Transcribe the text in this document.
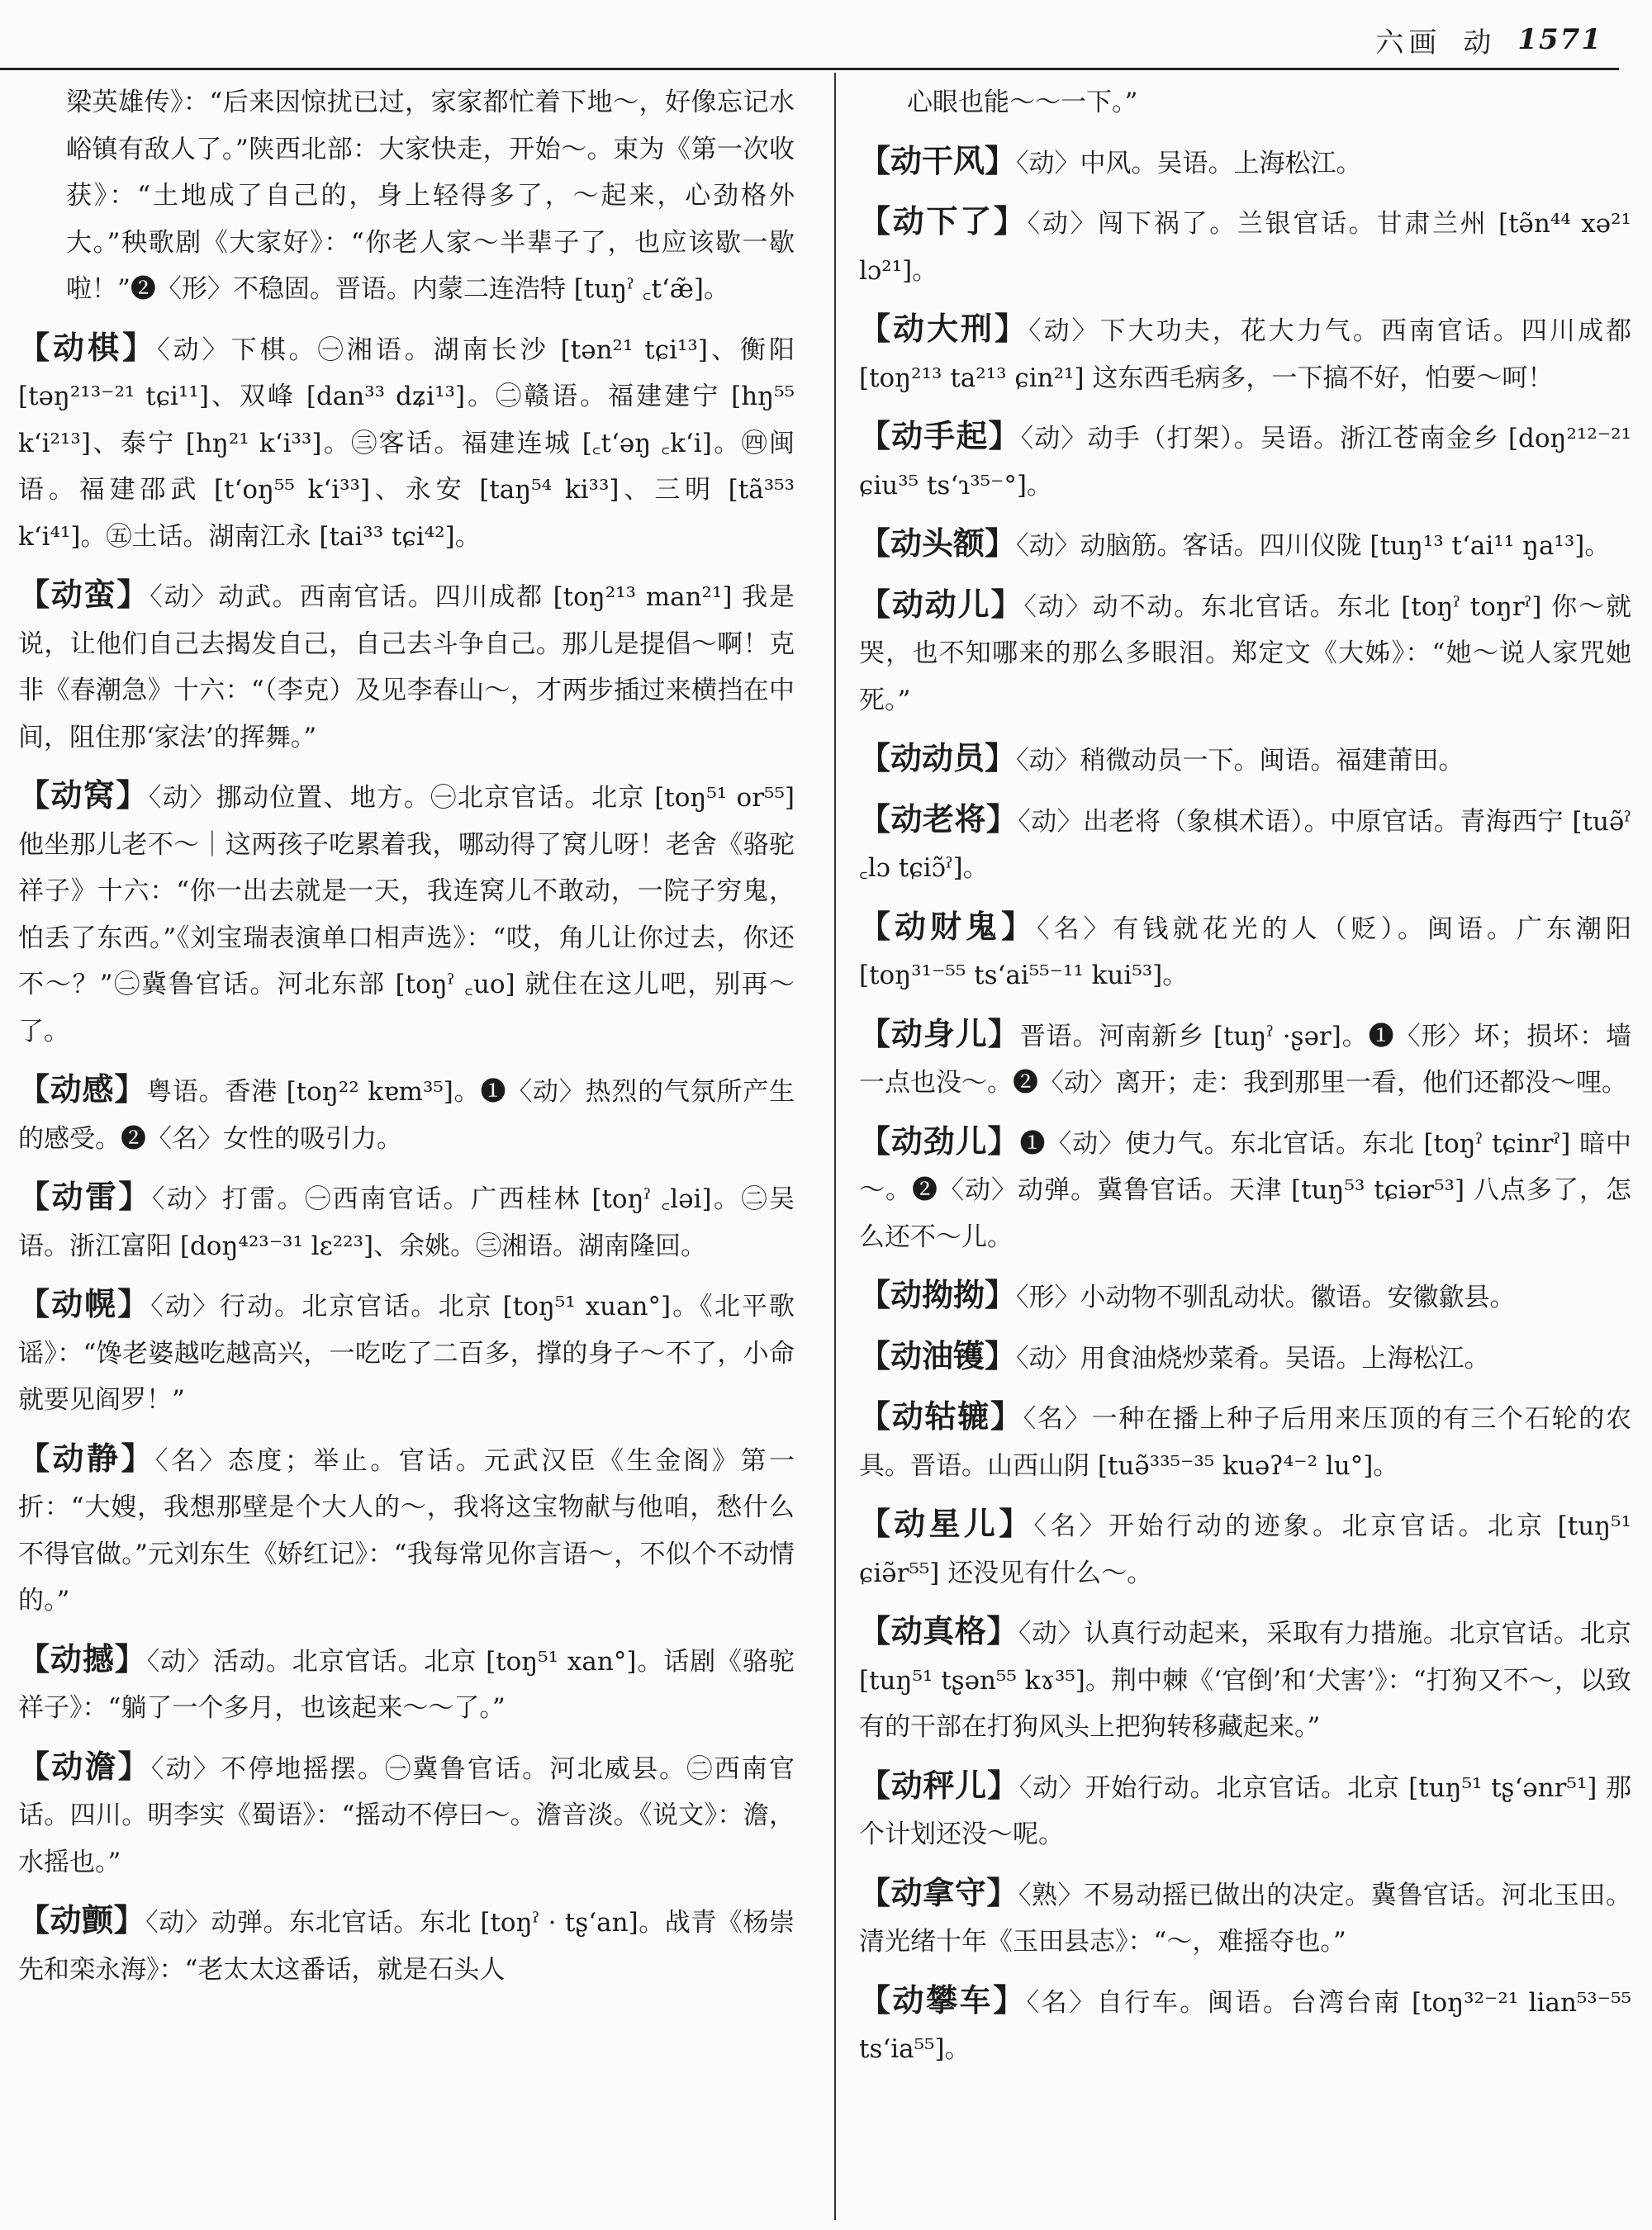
六画 动 1571

梁英雄传》：“后来因惊扰已过，家家都忙着下地～，好像忘记水峪镇有敌人了。”陕西北部：大家快走，开始～。束为《第一次收获》：“土地成了自己的，身上轻得多了，～起来，心劲格外大。”秧歌剧《大家好》：“你老人家～半辈子了，也应该歇一歇啦！”❷〈形〉不稳固。晋语。内蒙二连浩特 [tuŋˀ ꜀tʻæ̃]。

【动棋】〈动〉下棋。㊀湘语。湖南长沙 [tən²¹ tɕi¹³]、衡阳 [təŋ²¹³⁻²¹ tɕi¹¹]、双峰 [dan³³ dʑi¹³]。㊁赣语。福建建宁 [hŋ⁵⁵ kʻi²¹³]、泰宁 [hŋ²¹ kʻi³³]。㊂客话。福建连城 [꜀tʻəŋ ꜀kʻi]。㊃闽语。福建邵武 [tʻoŋ⁵⁵ kʻi³³]、永安 [taŋ⁵⁴ ki³³]、三明 [tã³⁵³ kʻi⁴¹]。㊄土话。湖南江永 [tai³³ tɕi⁴²]。

【动蛮】〈动〉动武。西南官话。四川成都 [toŋ²¹³ man²¹] 我是说，让他们自己去揭发自己，自己去斗争自己。那儿是提倡～啊！克非《春潮急》十六：“（李克）及见李春山～，才两步插过来横挡在中间，阻住那‘家法’的挥舞。”

【动窝】〈动〉挪动位置、地方。㊀北京官话。北京 [toŋ⁵¹ or⁵⁵] 他坐那儿老不～｜这两孩子吃累着我，哪动得了窝儿呀！老舍《骆驼祥子》十六：“你一出去就是一天，我连窝儿不敢动，一院子穷鬼，怕丢了东西。”《刘宝瑞表演单口相声选》：“哎，角儿让你过去，你还不～？”㊁冀鲁官话。河北东部 [toŋˀ ꜀uo] 就住在这儿吧，别再～了。

【动感】粤语。香港 [toŋ²² kɐm³⁵]。❶〈动〉热烈的气氛所产生的感受。❷〈名〉女性的吸引力。

【动雷】〈动〉打雷。㊀西南官话。广西桂林 [toŋˀ ꜀ləi]。㊁吴语。浙江富阳 [doŋ⁴²³⁻³¹ lɛ²²³]、余姚。㊂湘语。湖南隆回。

【动幌】〈动〉行动。北京官话。北京 [toŋ⁵¹ xuan°]。《北平歌谣》：“馋老婆越吃越高兴，一吃吃了二百多，撑的身子～不了，小命就要见阎罗！”

【动静】〈名〉态度；举止。官话。元武汉臣《生金阁》第一折：“大嫂，我想那壁是个大人的～，我将这宝物献与他咱，愁什么不得官做。”元刘东生《娇红记》：“我每常见你言语～，不似个不动情的。”

【动撼】〈动〉活动。北京官话。北京 [toŋ⁵¹ xan°]。话剧《骆驼祥子》：“躺了一个多月，也该起来～～了。”

【动澹】〈动〉不停地摇摆。㊀冀鲁官话。河北威县。㊁西南官话。四川。明李实《蜀语》：“摇动不停曰～。澹音淡。《说文》：澹，水摇也。”

【动颤】〈动〉动弹。东北官话。东北 [toŋˀ · tʂʻan]。战青《杨崇先和栾永海》：“老太太这番话，就是石头人

心眼也能～～一下。”

【动干风】〈动〉中风。吴语。上海松江。

【动下了】〈动〉闯下祸了。兰银官话。甘肃兰州 [tə̃n⁴⁴ xə²¹ lɔ²¹]。

【动大刑】〈动〉下大功夫，花大力气。西南官话。四川成都 [toŋ²¹³ ta²¹³ ɕin²¹] 这东西毛病多，一下搞不好，怕要～呵！

【动手起】〈动〉动手（打架）。吴语。浙江苍南金乡 [doŋ²¹²⁻²¹ ɕiu³⁵ tsʻɿ³⁵⁻°]。

【动头额】〈动〉动脑筋。客话。四川仪陇 [tuŋ¹³ tʻai¹¹ ŋa¹³]。

【动动儿】〈动〉动不动。东北官话。东北 [toŋˀ toŋrˀ] 你～就哭，也不知哪来的那么多眼泪。郑定文《大姊》：“她～说人家咒她死。”

【动动员】〈动〉稍微动员一下。闽语。福建莆田。

【动老将】〈动〉出老将（象棋术语）。中原官话。青海西宁 [tuə̃ˀ ꜀lɔ tɕiɔ̃ˀ]。

【动财鬼】〈名〉有钱就花光的人（贬）。闽语。广东潮阳 [toŋ³¹⁻⁵⁵ tsʻai⁵⁵⁻¹¹ kui⁵³]。

【动身儿】晋语。河南新乡 [tuŋˀ ·ʂər]。❶〈形〉坏；损坏：墙一点也没～。❷〈动〉离开；走：我到那里一看，他们还都没～哩。

【动劲儿】❶〈动〉使力气。东北官话。东北 [toŋˀ tɕinrˀ] 暗中～。❷〈动〉动弹。冀鲁官话。天津 [tuŋ⁵³ tɕiər⁵³] 八点多了，怎么还不～儿。

【动拗拗】〈形〉小动物不驯乱动状。徽语。安徽歙县。

【动油镬】〈动〉用食油烧炒菜肴。吴语。上海松江。

【动轱辘】〈名〉一种在播上种子后用来压顶的有三个石轮的农具。晋语。山西山阴 [tuə̃³³⁵⁻³⁵ kuəʔ⁴⁻² lu°]。

【动星儿】〈名〉开始行动的迹象。北京官话。北京 [tuŋ⁵¹ ɕiə̃r⁵⁵] 还没见有什么～。

【动真格】〈动〉认真行动起来，采取有力措施。北京官话。北京 [tuŋ⁵¹ tʂən⁵⁵ kɤ³⁵]。荆中棘《‘官倒’和‘犬害’》：“打狗又不～，以致有的干部在打狗风头上把狗转移藏起来。”

【动秤儿】〈动〉开始行动。北京官话。北京 [tuŋ⁵¹ tʂʻənr⁵¹] 那个计划还没～呢。

【动拿守】〈熟〉不易动摇已做出的决定。冀鲁官话。河北玉田。清光绪十年《玉田县志》：“～，难摇夺也。”

【动攀车】〈名〉自行车。闽语。台湾台南 [toŋ³²⁻²¹ lian⁵³⁻⁵⁵ tsʻia⁵⁵]。
